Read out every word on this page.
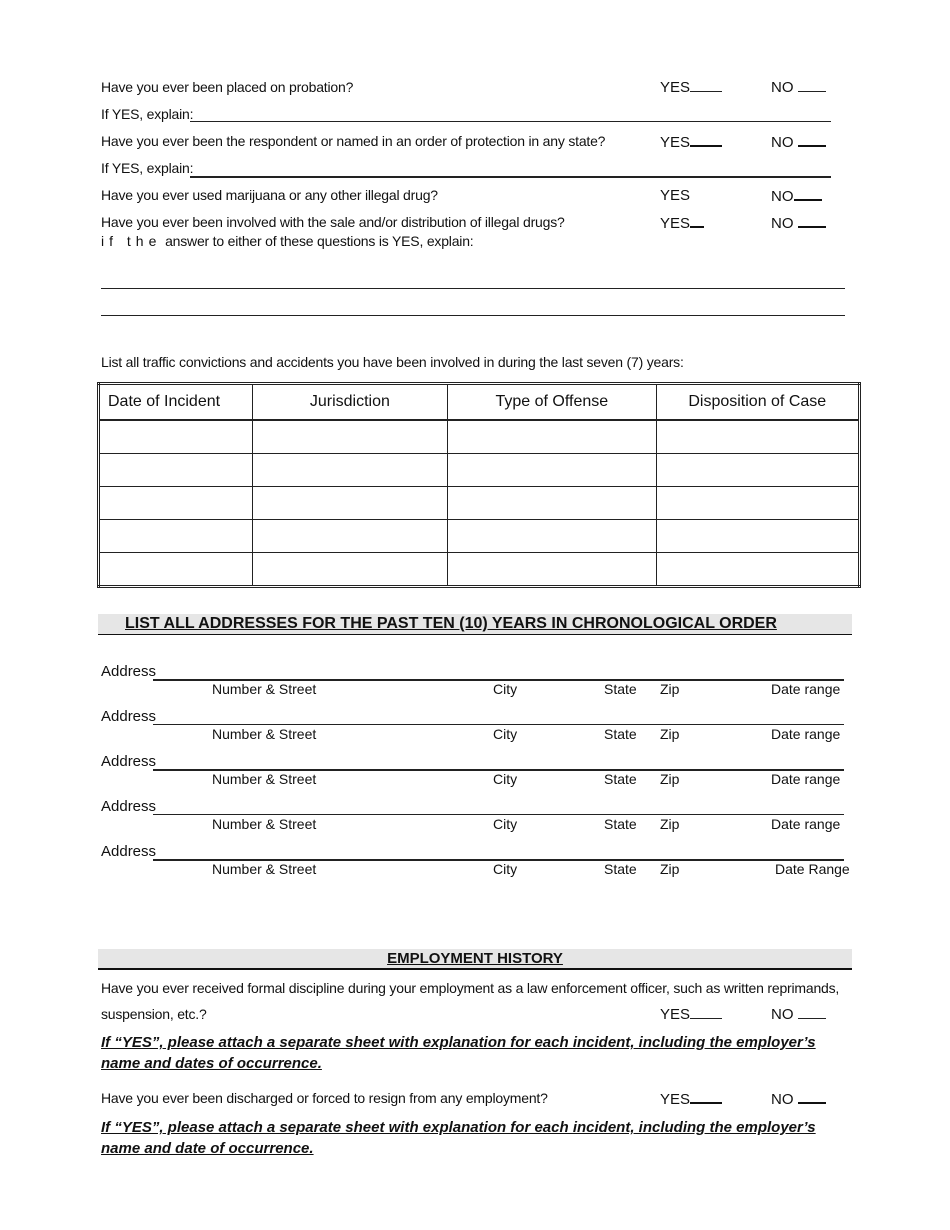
Have you ever been placed on probation?	YES	NO
If YES, explain:
Have you ever been the respondent or named in an order of protection in any state?	YES	NO
If YES, explain:
Have you ever used marijuana or any other illegal drug?	YES	NO
Have you ever been involved with the sale and/or distribution of illegal drugs?	YES	NO
if the answer to either of these questions is YES, explain:
List all traffic convictions and accidents you have been involved in during the last seven (7) years:
Date of Incident	Jurisdiction	Type of Offense	Disposition of Case

LIST ALL ADDRESSES FOR THE PAST TEN (10) YEARS IN CHRONOLOGICAL ORDER
Address
Number & Street	City	State Zip	Date range
Address
Number & Street	City	State Zip	Date range
Address
Number & Street	City	State Zip	Date range
Address
Number & Street	City	State Zip	Date range
Address
Number & Street	City	State Zip	Date Range
EMPLOYMENT HISTORY
Have you ever received formal discipline during your employment as a law enforcement officer, such as written reprimands,
suspension, etc.?	YES	NO
If “YES”, please attach a separate sheet with explanation for each incident, including the employer’s name and dates of occurrence.
Have you ever been discharged or forced to resign from any employment?	YES	NO
If “YES”, please attach a separate sheet with explanation for each incident, including the employer’s name and date of occurrence.
